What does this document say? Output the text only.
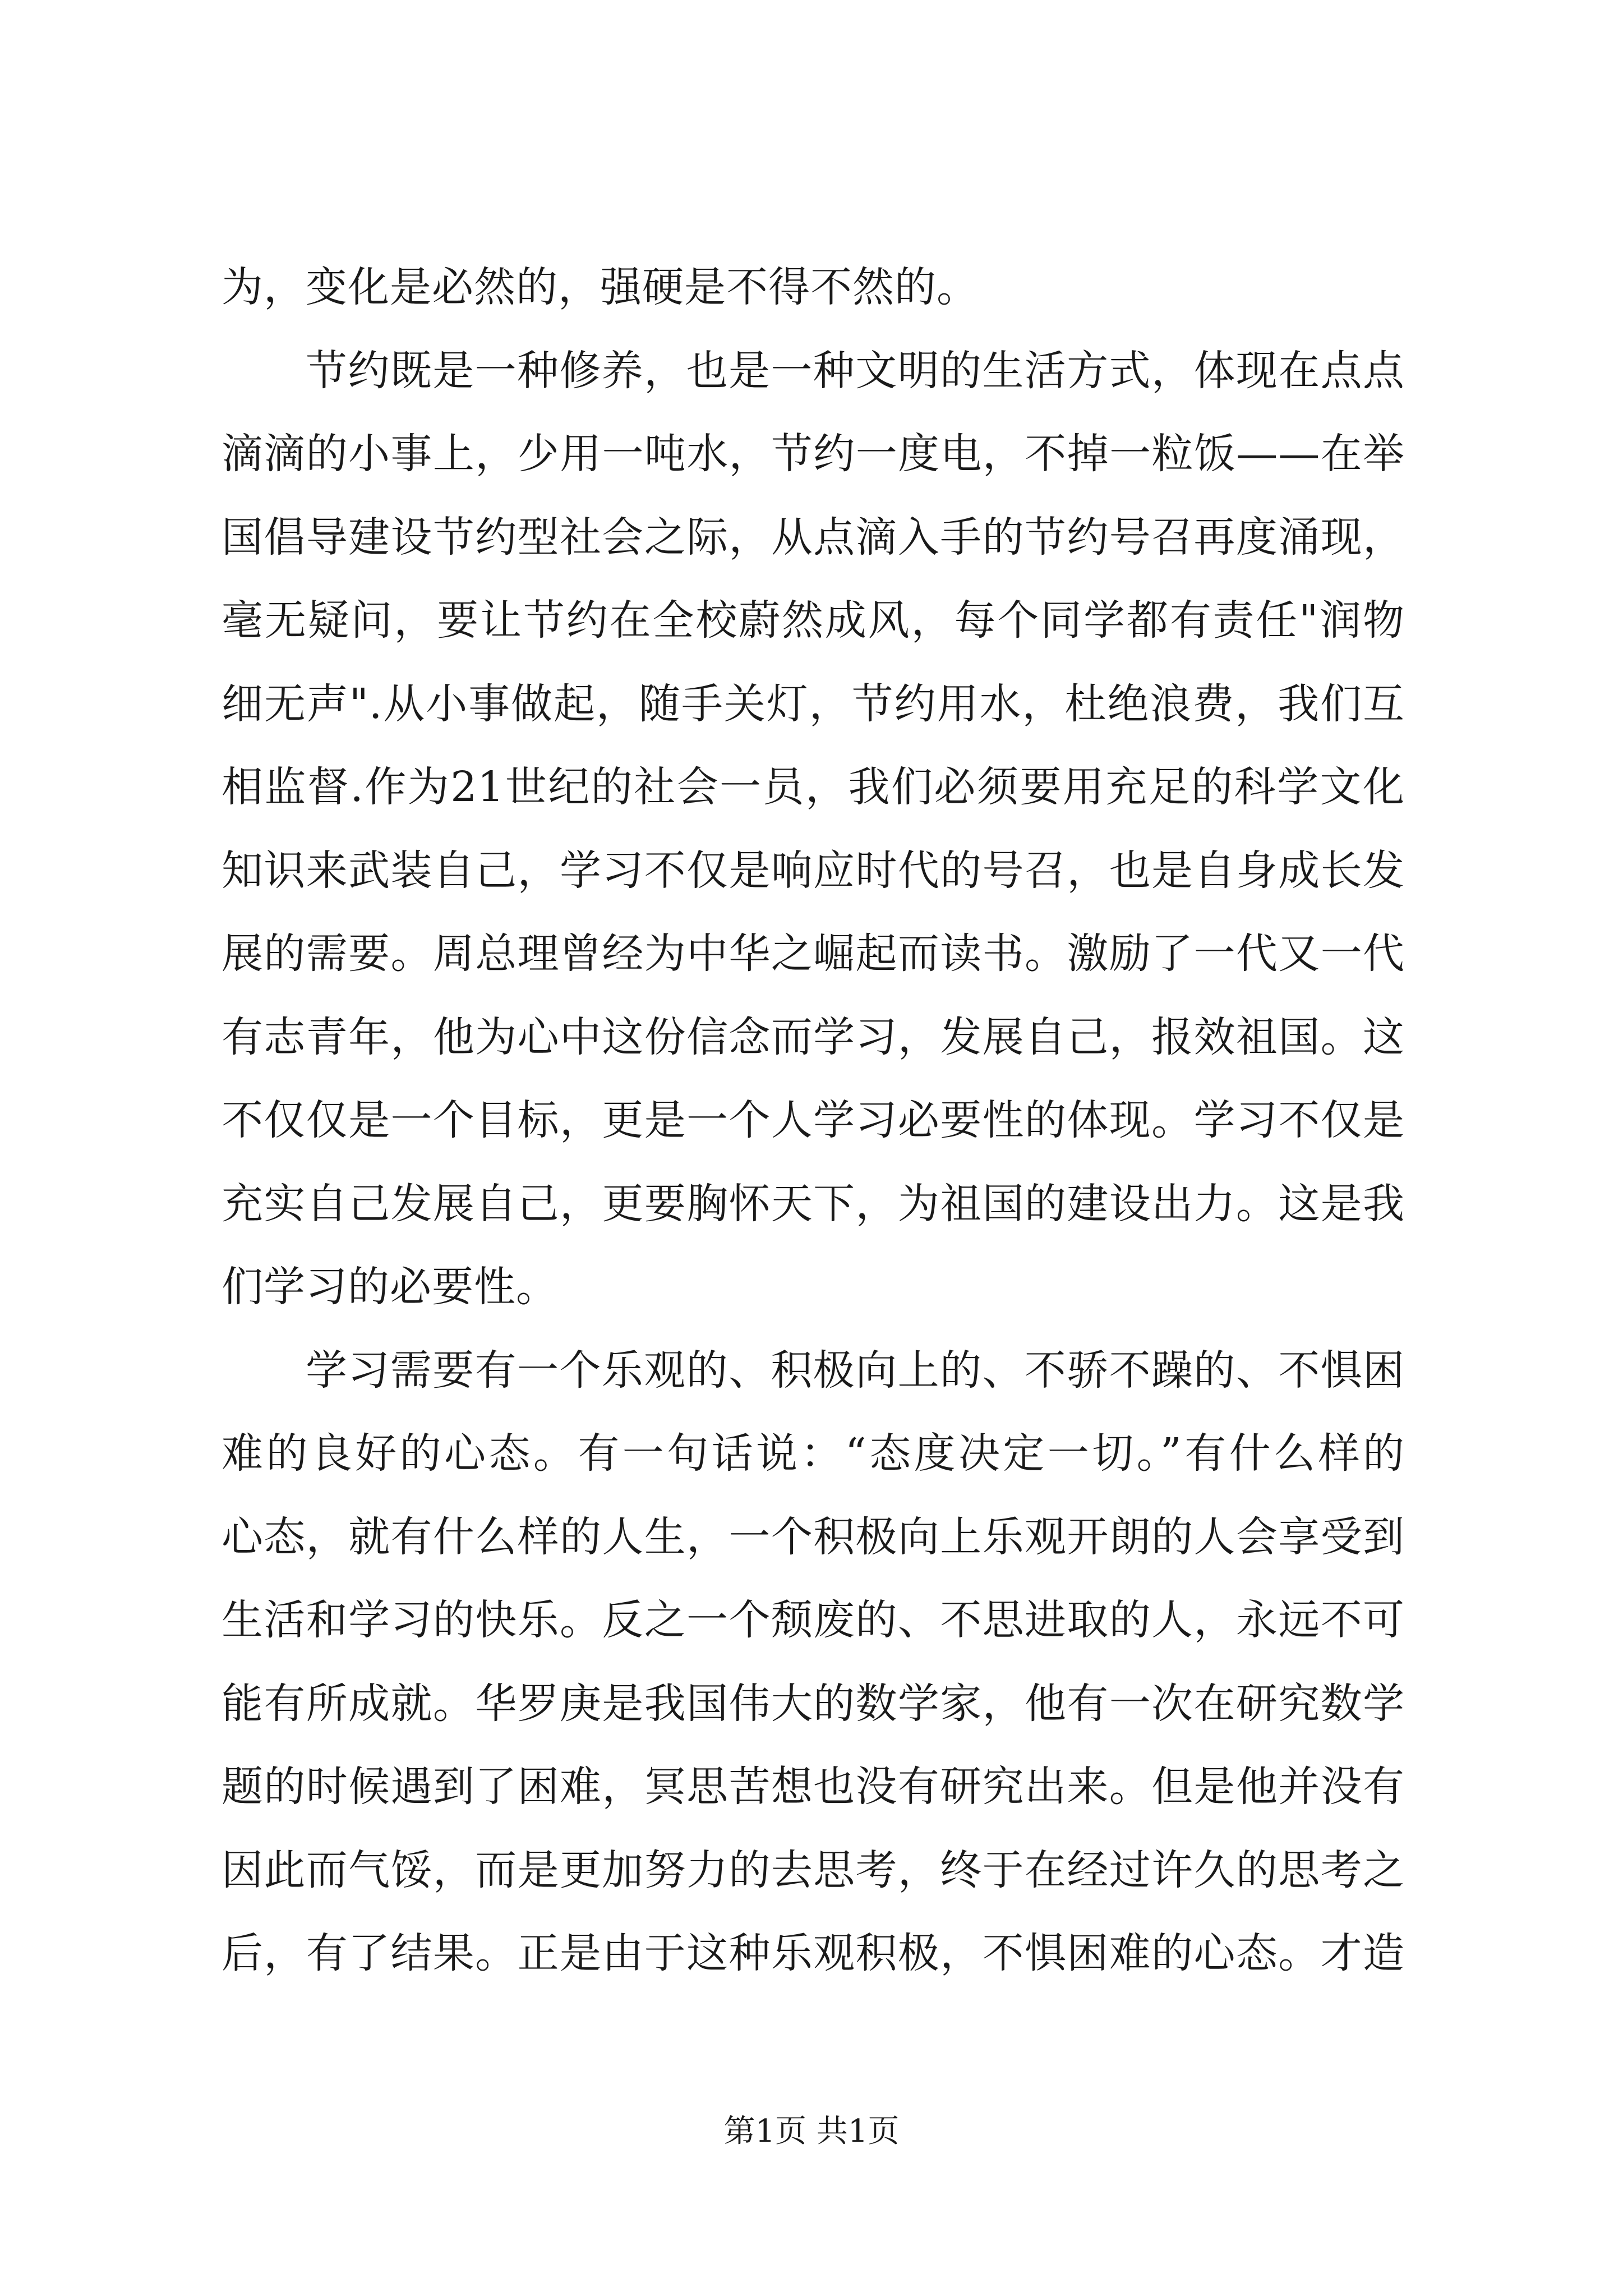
为，变化是必然的，强硬是不得不然的。
节约既是一种修养，也是一种文明的生活方式，体现在点点
滴滴的小事上，少用一吨水，节约一度电，不掉一粒饭——在举
国倡导建设节约型社会之际，从点滴入手的节约号召再度涌现，
毫无疑问，要让节约在全校蔚然成风，每个同学都有责任"润物
细无声".从小事做起，随手关灯，节约用水，杜绝浪费，我们互
相监督.作为21世纪的社会一员，我们必须要用充足的科学文化
知识来武装自己，学习不仅是响应时代的号召，也是自身成长发
展的需要。周总理曾经为中华之崛起而读书。激励了一代又一代
有志青年，他为心中这份信念而学习，发展自己，报效祖国。这
不仅仅是一个目标，更是一个人学习必要性的体现。学习不仅是
充实自己发展自己，更要胸怀天下，为祖国的建设出力。这是我
们学习的必要性。
学习需要有一个乐观的、积极向上的、不骄不躁的、不惧困
难的良好的心态。有一句话说：“态度决定一切。”有什么样的
心态，就有什么样的人生，一个积极向上乐观开朗的人会享受到
生活和学习的快乐。反之一个颓废的、不思进取的人，永远不可
能有所成就。华罗庚是我国伟大的数学家，他有一次在研究数学
题的时候遇到了困难，冥思苦想也没有研究出来。但是他并没有
因此而气馁，而是更加努力的去思考，终于在经过许久的思考之
后，有了结果。正是由于这种乐观积极，不惧困难的心态。才造
第1页 共1页
